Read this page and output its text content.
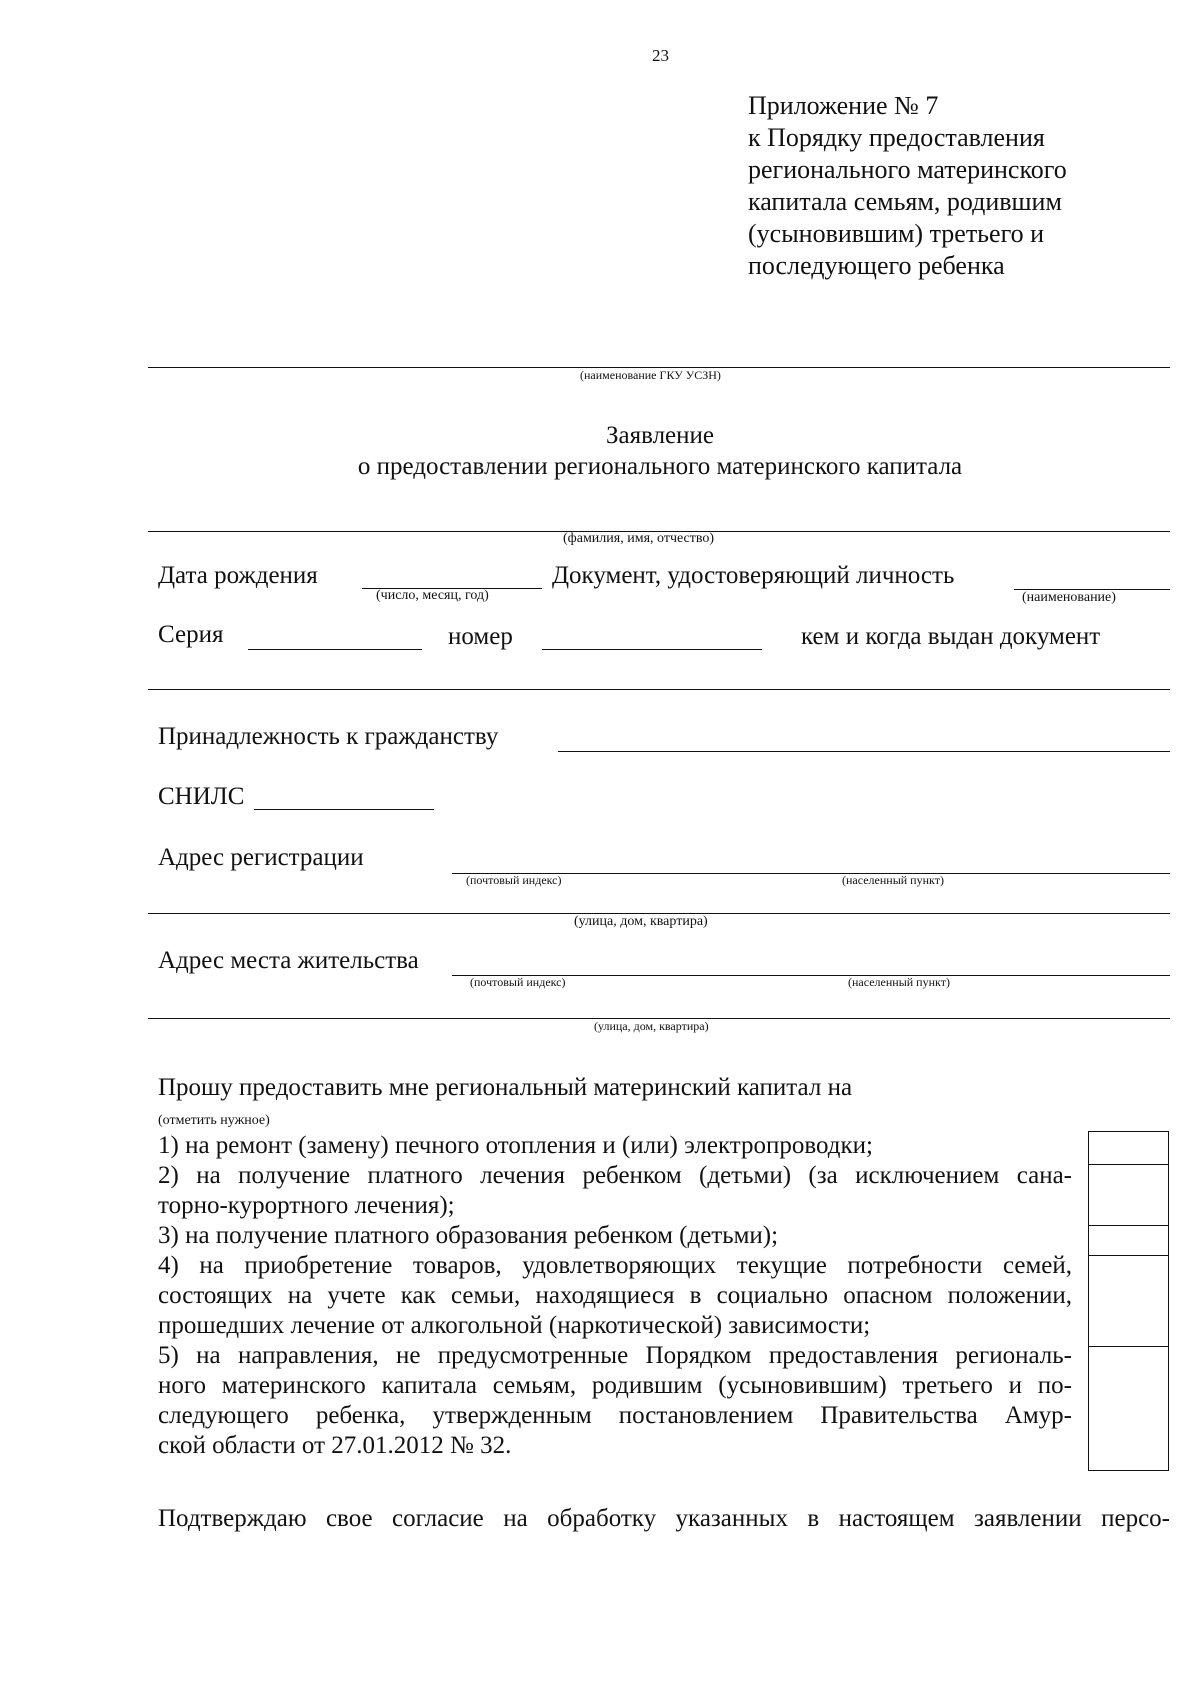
23
Приложение № 7
к Порядку предоставления
регионального материнского
капитала семьям, родившим
(усыновившим) третьего и
последующего ребенка
(наименование ГКУ УСЗН)
Заявление
о предоставлении регионального материнского капитала
(фамилия, имя, отчество)
Дата рождения
(число, месяц, год)
Документ, удостоверяющий личность
(наименование)
Серия	номер	кем и когда выдан документ
Принадлежность к гражданству
СНИЛС
Адрес регистрации
(почтовый индекс)	(населенный пункт)
(улица, дом, квартира)
Адрес места жительства
(почтовый индекс)	(населенный пункт)
(улица, дом, квартира)
Прошу предоставить мне региональный материнский капитал на
(отметить нужное)
1) на ремонт (замену) печного отопления и (или) электропроводки;
2) на получение платного лечения ребенком (детьми) (за исключением сана-
торно-курортного лечения);
3) на получение платного образования ребенком (детьми);
4) на приобретение товаров, удовлетворяющих текущие потребности семей,
состоящих на учете как семьи, находящиеся в социально опасном положении,
прошедших лечение от алкогольной (наркотической) зависимости;
5) на направления, не предусмотренные Порядком предоставления региональ-
ного материнского капитала семьям, родившим (усыновившим) третьего и по-
следующего ребенка, утвержденным постановлением Правительства Амур-
ской области от 27.01.2012 № 32.
Подтверждаю свое согласие на обработку указанных в настоящем заявлении персо-
